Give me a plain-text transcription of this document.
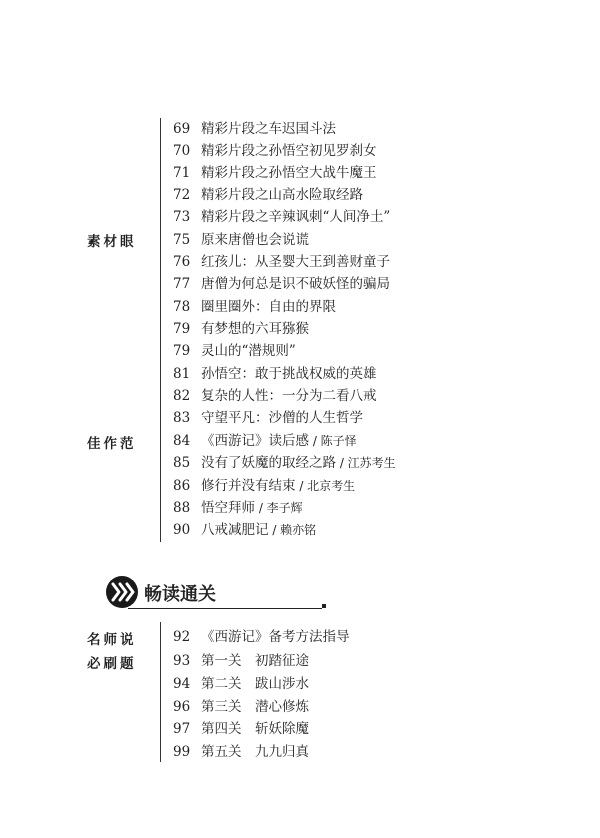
素材眼
佳作范
名师说
必刷题
69 精彩片段之车迟国斗法
70 精彩片段之孙悟空初见罗刹女
71 精彩片段之孙悟空大战牛魔王
72 精彩片段之山高水险取经路
73 精彩片段之辛辣讽刺“人间净土”
75 原来唐僧也会说谎
76 红孩儿：从圣婴大王到善财童子
77 唐僧为何总是识不破妖怪的骗局
78 圈里圈外：自由的界限
79 有梦想的六耳猕猴
79 灵山的“潜规则”
81 孙悟空：敢于挑战权威的英雄
82 复杂的人性：一分为二看八戒
83 守望平凡：沙僧的人生哲学
84 《西游记》读后感 / 陈子怿
85 没有了妖魔的取经之路 / 江苏考生
86 修行并没有结束 / 北京考生
88 悟空拜师 / 李子辉
90 八戒减肥记 / 赖亦铭
畅读通关
92 《西游记》备考方法指导
93 第一关　初踏征途
94 第二关　跋山涉水
96 第三关　潜心修炼
97 第四关　斩妖除魔
99 第五关　九九归真
